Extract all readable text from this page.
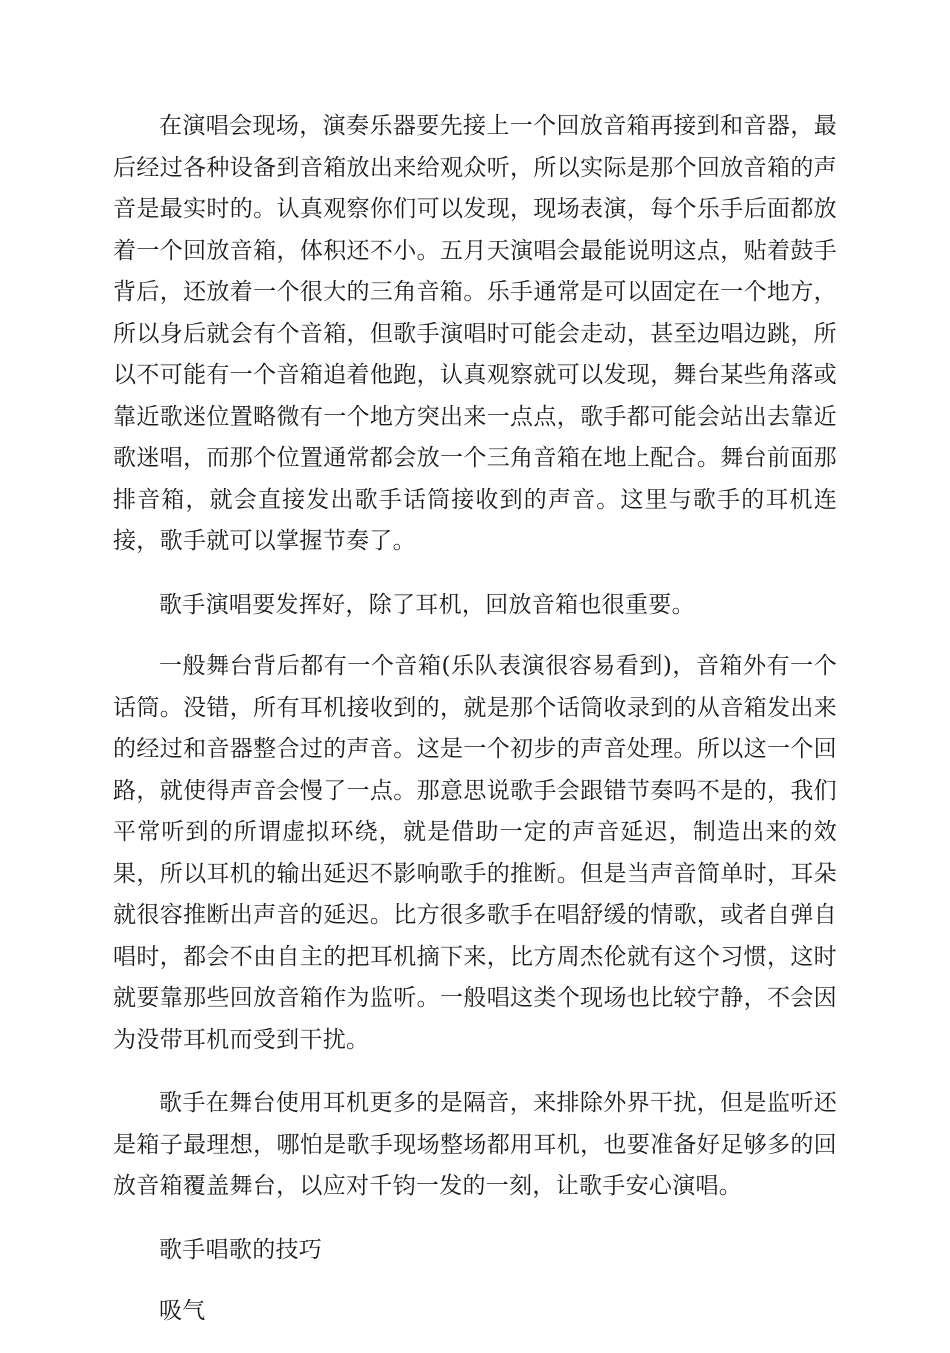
在演唱会现场，演奏乐器要先接上一个回放音箱再接到和音器，最后经过各种设备到音箱放出来给观众听，所以实际是那个回放音箱的声音是最实时的。认真观察你们可以发现，现场表演，每个乐手后面都放着一个回放音箱，体积还不小。五月天演唱会最能说明这点，贴着鼓手背后，还放着一个很大的三角音箱。乐手通常是可以固定在一个地方，所以身后就会有个音箱，但歌手演唱时可能会走动，甚至边唱边跳，所以不可能有一个音箱追着他跑，认真观察就可以发现，舞台某些角落或靠近歌迷位置略微有一个地方突出来一点点，歌手都可能会站出去靠近歌迷唱，而那个位置通常都会放一个三角音箱在地上配合。舞台前面那排音箱，就会直接发出歌手话筒接收到的声音。这里与歌手的耳机连接，歌手就可以掌握节奏了。

歌手演唱要发挥好，除了耳机，回放音箱也很重要。

一般舞台背后都有一个音箱(乐队表演很容易看到)，音箱外有一个话筒。没错，所有耳机接收到的，就是那个话筒收录到的从音箱发出来的经过和音器整合过的声音。这是一个初步的声音处理。所以这一个回路，就使得声音会慢了一点。那意思说歌手会跟错节奏吗不是的，我们平常听到的所谓虚拟环绕，就是借助一定的声音延迟，制造出来的效果，所以耳机的输出延迟不影响歌手的推断。但是当声音简单时，耳朵就很容推断出声音的延迟。比方很多歌手在唱舒缓的情歌，或者自弹自唱时，都会不由自主的把耳机摘下来，比方周杰伦就有这个习惯，这时就要靠那些回放音箱作为监听。一般唱这类个现场也比较宁静，不会因为没带耳机而受到干扰。

歌手在舞台使用耳机更多的是隔音，来排除外界干扰，但是监听还是箱子最理想，哪怕是歌手现场整场都用耳机，也要准备好足够多的回放音箱覆盖舞台，以应对千钧一发的一刻，让歌手安心演唱。

歌手唱歌的技巧

吸气
